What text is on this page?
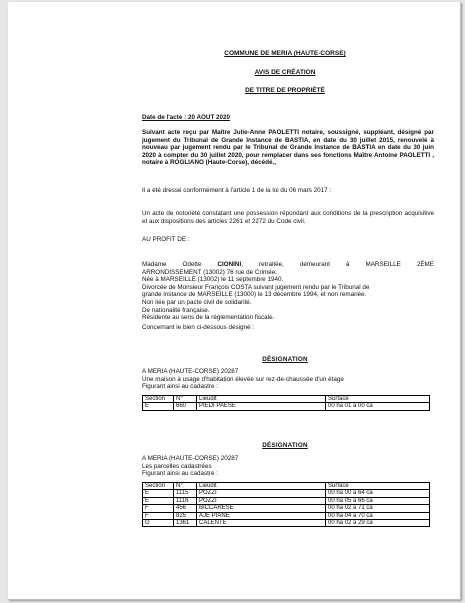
COMMUNE DE MERIA (HAUTE-CORSE)
AVIS DE CRÉATION
DE TITRE DE PROPRIÉTÉ
Date de l'acte : 20 AOUT 2020
Suivant acte reçu par Maître Julie-Anne PAOLETTI notaire, soussigné, suppléant, désigné par jugement du Tribunal de Grande Instance de BASTIA, en date du 30 juillet 2015, renouvelé à nouveau par jugement rendu par le Tribunal de Grande Instance de BASTIA en date du 30 juin 2020 à compter du 30 juillet 2020, pour remplacer dans ses fonctions Maître Antoine PAOLETTI , notaire à ROGLIANO (Haute-Corse), décédé.,
Il a été dressé conformément à l'article 1 de la loi du 06 mars 2017 :
Un acte de notoriété constatant une possession répondant aux conditions de la prescription acquisitive et aux dispositions des articles 2261 et 2272 du Code civil.
AU PROFIT DE :
Madame Odette CIONINI, retraitée, demeurant à MARSEILLE 2ÈME
ARRONDISSEMENT (13002) 76 rue de Crimée.
Née à MARSEILLE (13002) le 11 septembre 1940.
Divorcée de Monsieur François COSTA suivant jugement rendu par le Tribunal de
grande instance de MARSEILLE (13000) le 13 décembre 1994, et non remariée.
Non liée par un pacte civil de solidarité.
De nationalité française.
Résidente au sens de la réglementation fiscale.
Concernant le bien ci-dessous désigné :
DÉSIGNATION
A MERIA (HAUTE-CORSE) 20287
Une maison à usage d'habitation élevée sur rez-de-chaussée d'un étage
Figurant ainsi au cadastre :
Section	N°	Lieudit	Surface
E	660	PIEDI PAESE	00 ha 01 a 00 ca
DÉSIGNATION
A MERIA (HAUTE-CORSE) 20287
Les parcelles cadastrées
Figurant ainsi au cadastre :
Section	N°	Lieudit	Surface
E	1115	POZZI	00 ha 00 a 64 ca
E	1116	POZZI	00 ha 05 a 66 ca
F	456	BICCARESE	00 ha 02 a 71 ca
F	825	AJE PIANE	00 ha 04 a 70 ca
G	1361	CALENTE	00 ha 02 a 29 ca
